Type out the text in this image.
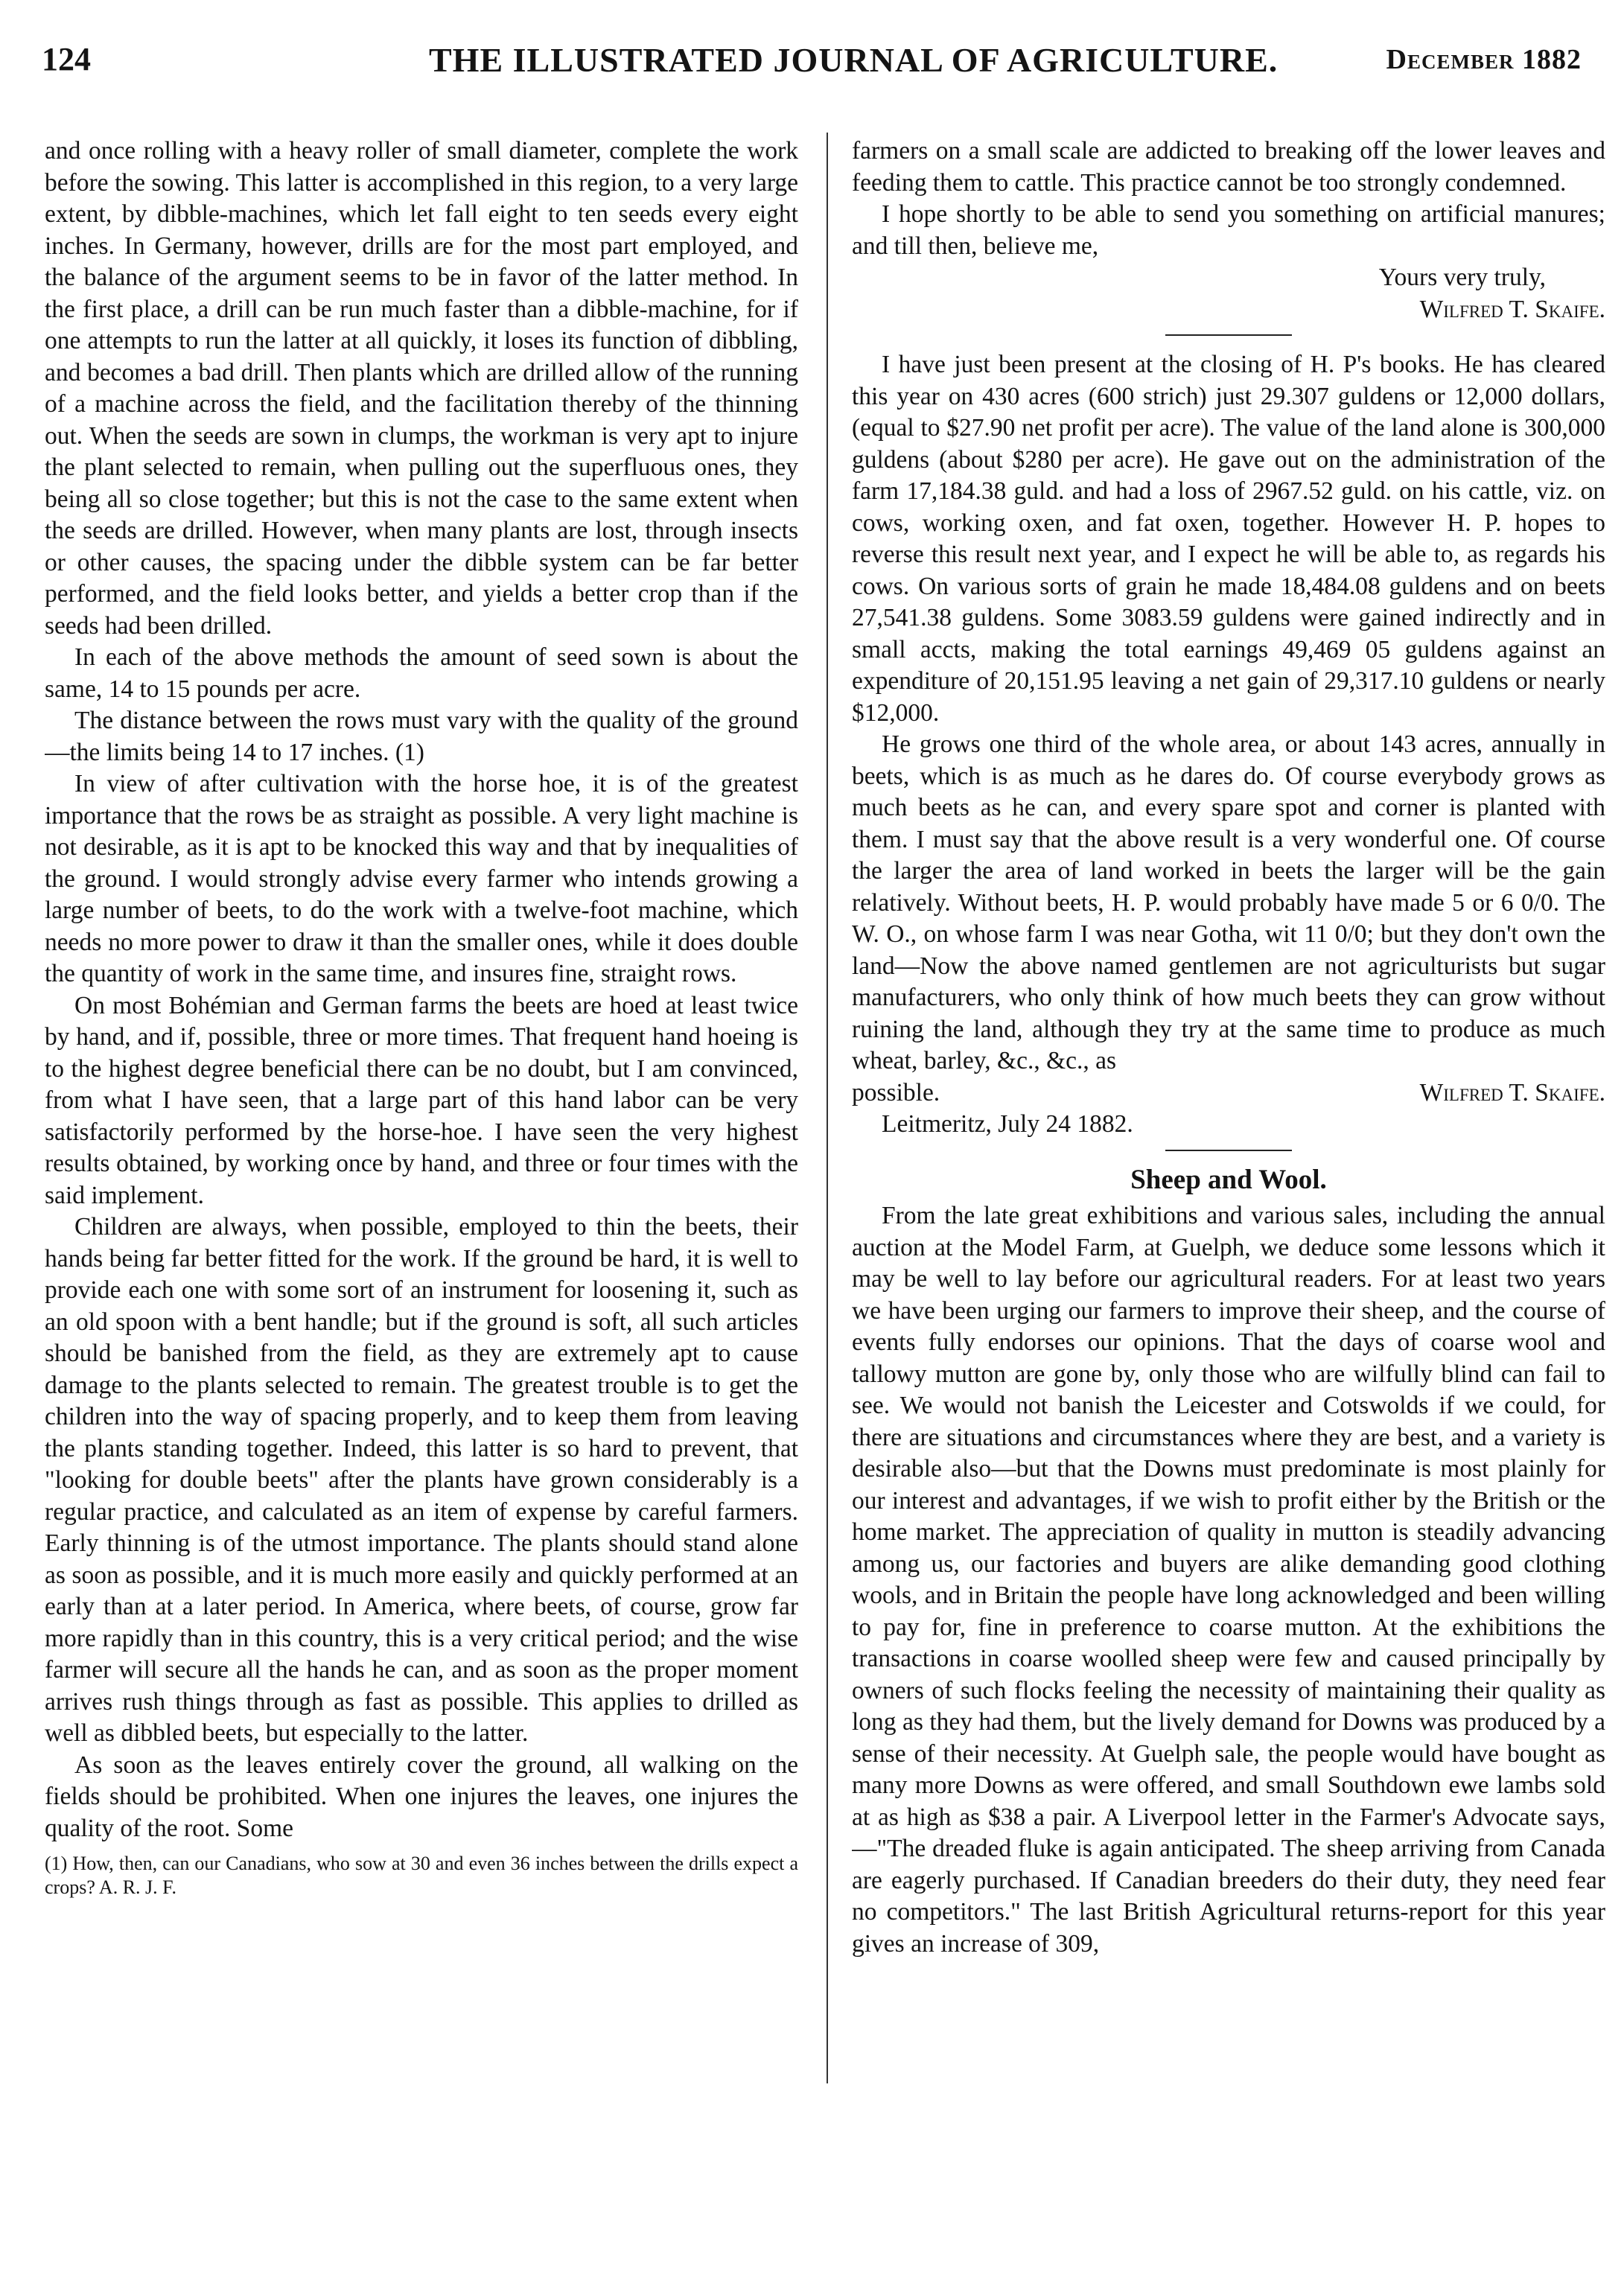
124	THE ILLUSTRATED JOURNAL OF AGRICULTURE.	December 1882

and once rolling with a heavy roller of small diameter, complete the work before the sowing. This latter is accomplished in this region, to a very large extent, by dibble-machines, which let fall eight to ten seeds every eight inches. In Germany, however, drills are for the most part employed, and the balance of the argument seems to be in favor of the latter method. In the first place, a drill can be run much faster than a dibble-machine, for if one attempts to run the latter at all quickly, it loses its function of dibbling, and becomes a bad drill. Then plants which are drilled allow of the running of a machine across the field, and the facilitation thereby of the thinning out. When the seeds are sown in clumps, the workman is very apt to injure the plant selected to remain, when pulling out the superfluous ones, they being all so close together; but this is not the case to the same extent when the seeds are drilled. However, when many plants are lost, through insects or other causes, the spacing under the dibble system can be far better performed, and the field looks better, and yields a better crop than if the seeds had been drilled.

In each of the above methods the amount of seed sown is about the same, 14 to 15 pounds per acre.

The distance between the rows must vary with the quality of the ground—the limits being 14 to 17 inches. (1)

In view of after cultivation with the horse hoe, it is of the greatest importance that the rows be as straight as possible. A very light machine is not desirable, as it is apt to be knocked this way and that by inequalities of the ground. I would strongly advise every farmer who intends growing a large number of beets, to do the work with a twelve-foot machine, which needs no more power to draw it than the smaller ones, while it does double the quantity of work in the same time, and insures fine, straight rows.

On most Bohémian and German farms the beets are hoed at least twice by hand, and if, possible, three or more times. That frequent hand hoeing is to the highest degree beneficial there can be no doubt, but I am convinced, from what I have seen, that a large part of this hand labor can be very satisfactorily performed by the horse-hoe. I have seen the very highest results obtained, by working once by hand, and three or four times with the said implement.

Children are always, when possible, employed to thin the beets, their hands being far better fitted for the work. If the ground be hard, it is well to provide each one with some sort of an instrument for loosening it, such as an old spoon with a bent handle; but if the ground is soft, all such articles should be banished from the field, as they are extremely apt to cause damage to the plants selected to remain. The greatest trouble is to get the children into the way of spacing properly, and to keep them from leaving the plants standing together. Indeed, this latter is so hard to prevent, that "looking for double beets" after the plants have grown considerably is a regular practice, and calculated as an item of expense by careful farmers. Early thinning is of the utmost importance. The plants should stand alone as soon as possible, and it is much more easily and quickly performed at an early than at a later period. In America, where beets, of course, grow far more rapidly than in this country, this is a very critical period; and the wise farmer will secure all the hands he can, and as soon as the proper moment arrives rush things through as fast as possible. This applies to drilled as well as dibbled beets, but especially to the latter.

As soon as the leaves entirely cover the ground, all walking on the fields should be prohibited. When one injures the leaves, one injures the quality of the root. Some

(1) How, then, can our Canadians, who sow at 30 and even 36 inches between the drills expect a crops? A. R. J. F.

farmers on a small scale are addicted to breaking off the lower leaves and feeding them to cattle. This practice cannot be too strongly condemned.

I hope shortly to be able to send you something on artificial manures; and till then, believe me,

Yours very truly,

Wilfred T. Skaife.

I have just been present at the closing of H. P's books. He has cleared this year on 430 acres (600 strich) just 29.307 guldens or 12,000 dollars, (equal to $27.90 net profit per acre). The value of the land alone is 300,000 guldens (about $280 per acre). He gave out on the administration of the farm 17,184.38 guld. and had a loss of 2967.52 guld. on his cattle, viz. on cows, working oxen, and fat oxen, together. However H. P. hopes to reverse this result next year, and I expect he will be able to, as regards his cows. On various sorts of grain he made 18,484.08 guldens and on beets 27,541.38 guldens. Some 3083.59 guldens were gained indirectly and in small accts, making the total earnings 49,469 05 guldens against an expenditure of 20,151.95 leaving a net gain of 29,317.10 guldens or nearly $12,000.

He grows one third of the whole area, or about 143 acres, annually in beets, which is as much as he dares do. Of course everybody grows as much beets as he can, and every spare spot and corner is planted with them. I must say that the above result is a very wonderful one. Of course the larger the area of land worked in beets the larger will be the gain relatively. Without beets, H. P. would probably have made 5 or 6 0/0. The W. O., on whose farm I was near Gotha, wit 11 0/0; but they don't own the land—Now the above named gentlemen are not agriculturists but sugar manufacturers, who only think of how much beets they can grow without ruining the land, although they try at the same time to produce as much wheat, barley, &c., &c., as

possible.	Wilfred T. Skaife.

Leitmeritz, July 24 1882.

Sheep and Wool.

From the late great exhibitions and various sales, including the annual auction at the Model Farm, at Guelph, we deduce some lessons which it may be well to lay before our agricultural readers. For at least two years we have been urging our farmers to improve their sheep, and the course of events fully endorses our opinions. That the days of coarse wool and tallowy mutton are gone by, only those who are wilfully blind can fail to see. We would not banish the Leicester and Cotswolds if we could, for there are situations and circumstances where they are best, and a variety is desirable also—but that the Downs must predominate is most plainly for our interest and advantages, if we wish to profit either by the British or the home market. The appreciation of quality in mutton is steadily advancing among us, our factories and buyers are alike demanding good clothing wools, and in Britain the people have long acknowledged and been willing to pay for, fine in preference to coarse mutton. At the exhibitions the transactions in coarse woolled sheep were few and caused principally by owners of such flocks feeling the necessity of maintaining their quality as long as they had them, but the lively demand for Downs was produced by a sense of their necessity. At Guelph sale, the people would have bought as many more Downs as were offered, and small Southdown ewe lambs sold at as high as $38 a pair. A Liverpool letter in the Farmer's Advocate says,—"The dreaded fluke is again anticipated. The sheep arriving from Canada are eagerly purchased. If Canadian breeders do their duty, they need fear no competitors." The last British Agricultural returns-report for this year gives an increase of 309,
